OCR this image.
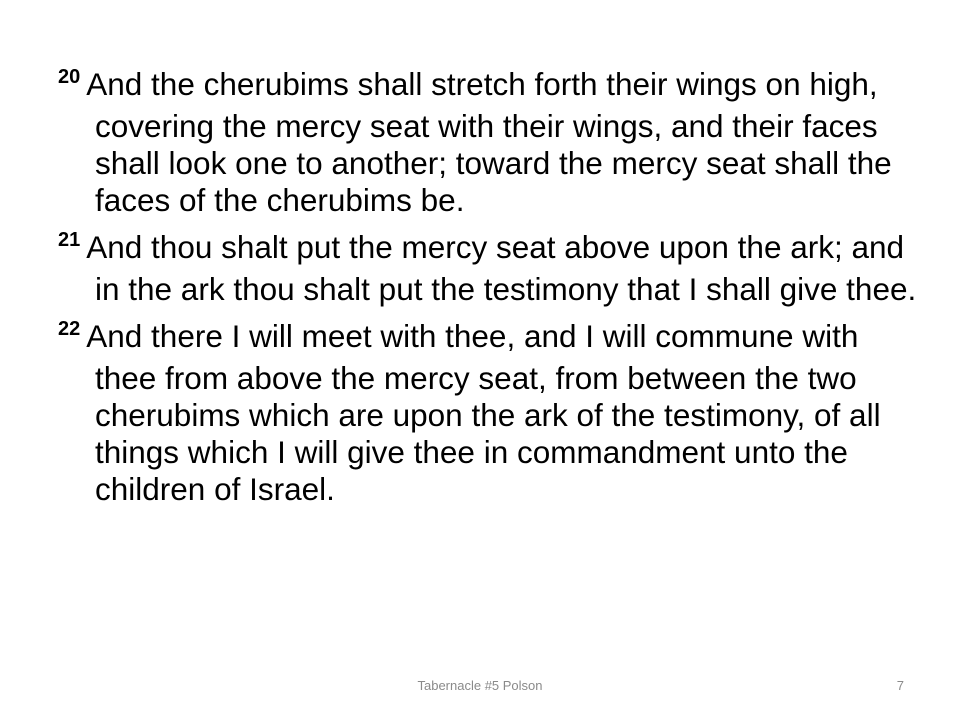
$^{20}$ And the cherubims shall stretch forth their wings on high, covering the mercy seat with their wings, and their faces shall look one to another; toward the mercy seat shall the faces of the cherubims be.

$^{21}$ And thou shalt put the mercy seat above upon the ark; and in the ark thou shalt put the testimony that I shall give thee.

$^{22}$ And there I will meet with thee, and I will commune with thee from above the mercy seat, from between the two cherubims which are upon the ark of the testimony, of all things which I will give thee in commandment unto the children of Israel.

Tabernacle #5 Polson	7
